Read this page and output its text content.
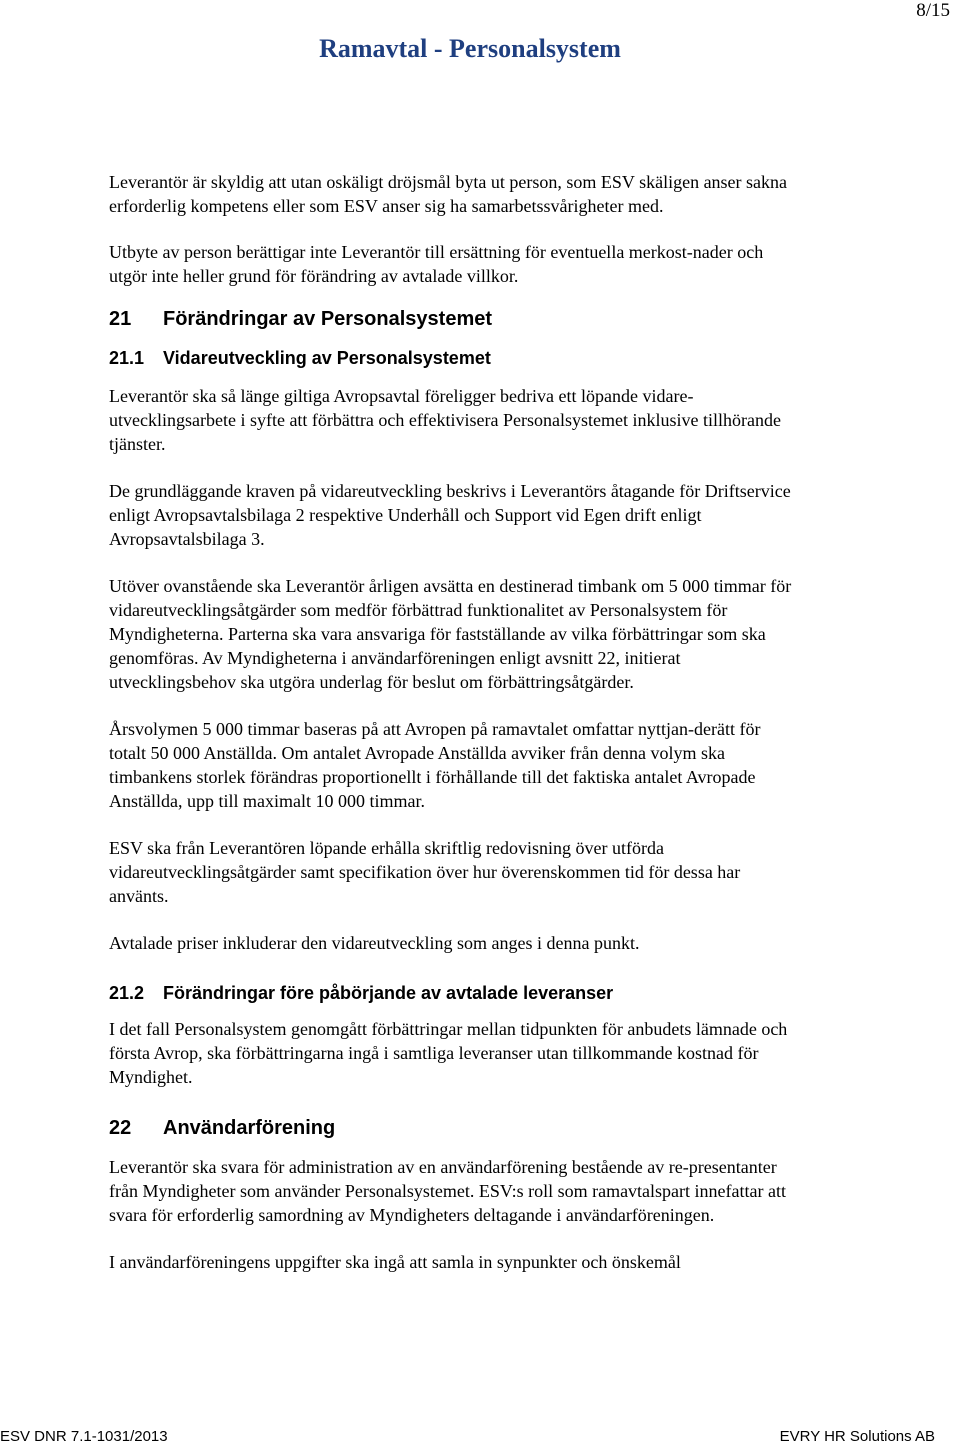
8/15
Ramavtal - Personalsystem

Leverantör är skyldig att utan oskäligt dröjsmål byta ut person, som ESV skäligen anser sakna erforderlig kompetens eller som ESV anser sig ha samarbetssvårigheter med.

Utbyte av person berättigar inte Leverantör till ersättning för eventuella merkost-nader och utgör inte heller grund för förändring av avtalade villkor.

21	Förändringar av Personalsystemet
21.1	Vidareutveckling av Personalsystemet

Leverantör ska så länge giltiga Avropsavtal föreligger bedriva ett löpande vidare-utvecklingsarbete i syfte att förbättra och effektivisera Personalsystemet inklusive tillhörande tjänster.

De grundläggande kraven på vidareutveckling beskrivs i Leverantörs åtagande för Driftservice enligt Avropsavtalsbilaga 2 respektive Underhåll och Support vid Egen drift enligt Avropsavtalsbilaga 3.

Utöver ovanstående ska Leverantör årligen avsätta en destinerad timbank om 5 000 timmar för vidareutvecklingsåtgärder som medför förbättrad funktionalitet av Personalsystem för Myndigheterna. Parterna ska vara ansvariga för fastställande av vilka förbättringar som ska genomföras. Av Myndigheterna i användarföreningen enligt avsnitt 22, initierat utvecklingsbehov ska utgöra underlag för beslut om förbättringsåtgärder.

Årsvolymen 5 000 timmar baseras på att Avropen på ramavtalet omfattar nyttjan-derätt för totalt 50 000 Anställda. Om antalet Avropade Anställda avviker från denna volym ska timbankens storlek förändras proportionellt i förhållande till det faktiska antalet Avropade Anställda, upp till maximalt 10 000 timmar.

ESV ska från Leverantören löpande erhålla skriftlig redovisning över utförda vidareutvecklingsåtgärder samt specifikation över hur överenskommen tid för dessa har använts.

Avtalade priser inkluderar den vidareutveckling som anges i denna punkt.

21.2	Förändringar före påbörjande av avtalade leveranser

I det fall Personalsystem genomgått förbättringar mellan tidpunkten för anbudets lämnade och första Avrop, ska förbättringarna ingå i samtliga leveranser utan tillkommande kostnad för Myndighet.

22	Användarförening

Leverantör ska svara för administration av en användarförening bestående av re-presentanter från Myndigheter som använder Personalsystemet. ESV:s roll som ramavtalspart innefattar att svara för erforderlig samordning av Myndigheters deltagande i användarföreningen.

I användarföreningens uppgifter ska ingå att samla in synpunkter och önskemål

ESV DNR 7.1-1031/2013	EVRY HR Solutions AB
